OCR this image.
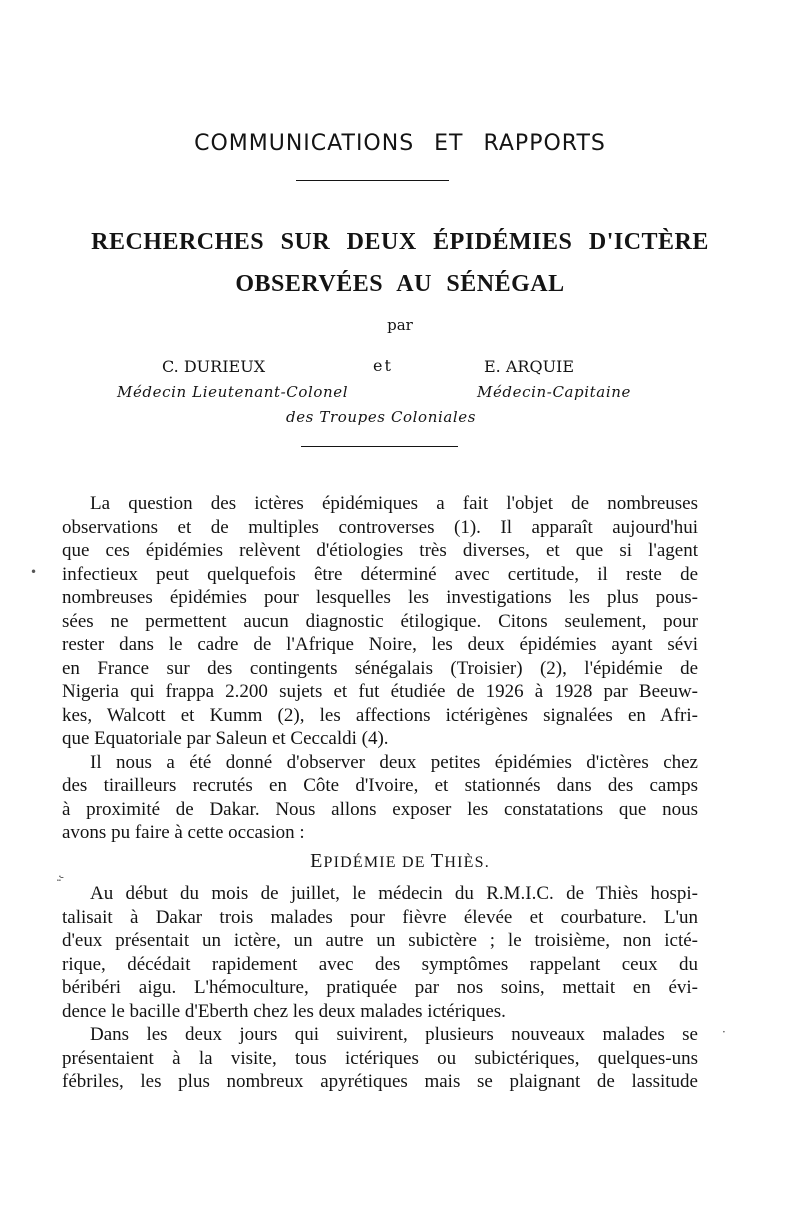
COMMUNICATIONS ET RAPPORTS
RECHERCHES SUR DEUX ÉPIDÉMIES D'ICTÈRE
OBSERVÉES AU SÉNÉGAL
par
C. DURIEUX	et	E. ARQUIE
Médecin Lieutenant-Colonel	Médecin-Capitaine
des Troupes Coloniales
La question des ictères épidémiques a fait l'objet de nombreuses
observations et de multiples controverses (1). Il apparaît aujourd'hui
que ces épidémies relèvent d'étiologies très diverses, et que si l'agent
infectieux peut quelquefois être déterminé avec certitude, il reste de
nombreuses épidémies pour lesquelles les investigations les plus pous-
sées ne permettent aucun diagnostic étilogique. Citons seulement, pour
rester dans le cadre de l'Afrique Noire, les deux épidémies ayant sévi
en France sur des contingents sénégalais (Troisier) (2), l'épidémie de
Nigeria qui frappa 2.200 sujets et fut étudiée de 1926 à 1928 par Beeuw-
kes, Walcott et Kumm (2), les affections ictérigènes signalées en Afri-
que Equatoriale par Saleun et Ceccaldi (4).
Il nous a été donné d'observer deux petites épidémies d'ictères chez
des tirailleurs recrutés en Côte d'Ivoire, et stationnés dans des camps
à proximité de Dakar. Nous allons exposer les constatations que nous
avons pu faire à cette occasion :
EPIDÉMIE DE THIÈS.
Au début du mois de juillet, le médecin du R.M.I.C. de Thiès hospi-
talisait à Dakar trois malades pour fièvre élevée et courbature. L'un
d'eux présentait un ictère, un autre un subictère ; le troisième, non icté-
rique, décédait rapidement avec des symptômes rappelant ceux du
béribéri aigu. L'hémoculture, pratiquée par nos soins, mettait en évi-
dence le bacille d'Eberth chez les deux malades ictériques.
Dans les deux jours qui suivirent, plusieurs nouveaux malades se
présentaient à la visite, tous ictériques ou subictériques, quelques-uns
fébriles, les plus nombreux apyrétiques mais se plaignant de lassitude
•
.:-
·
